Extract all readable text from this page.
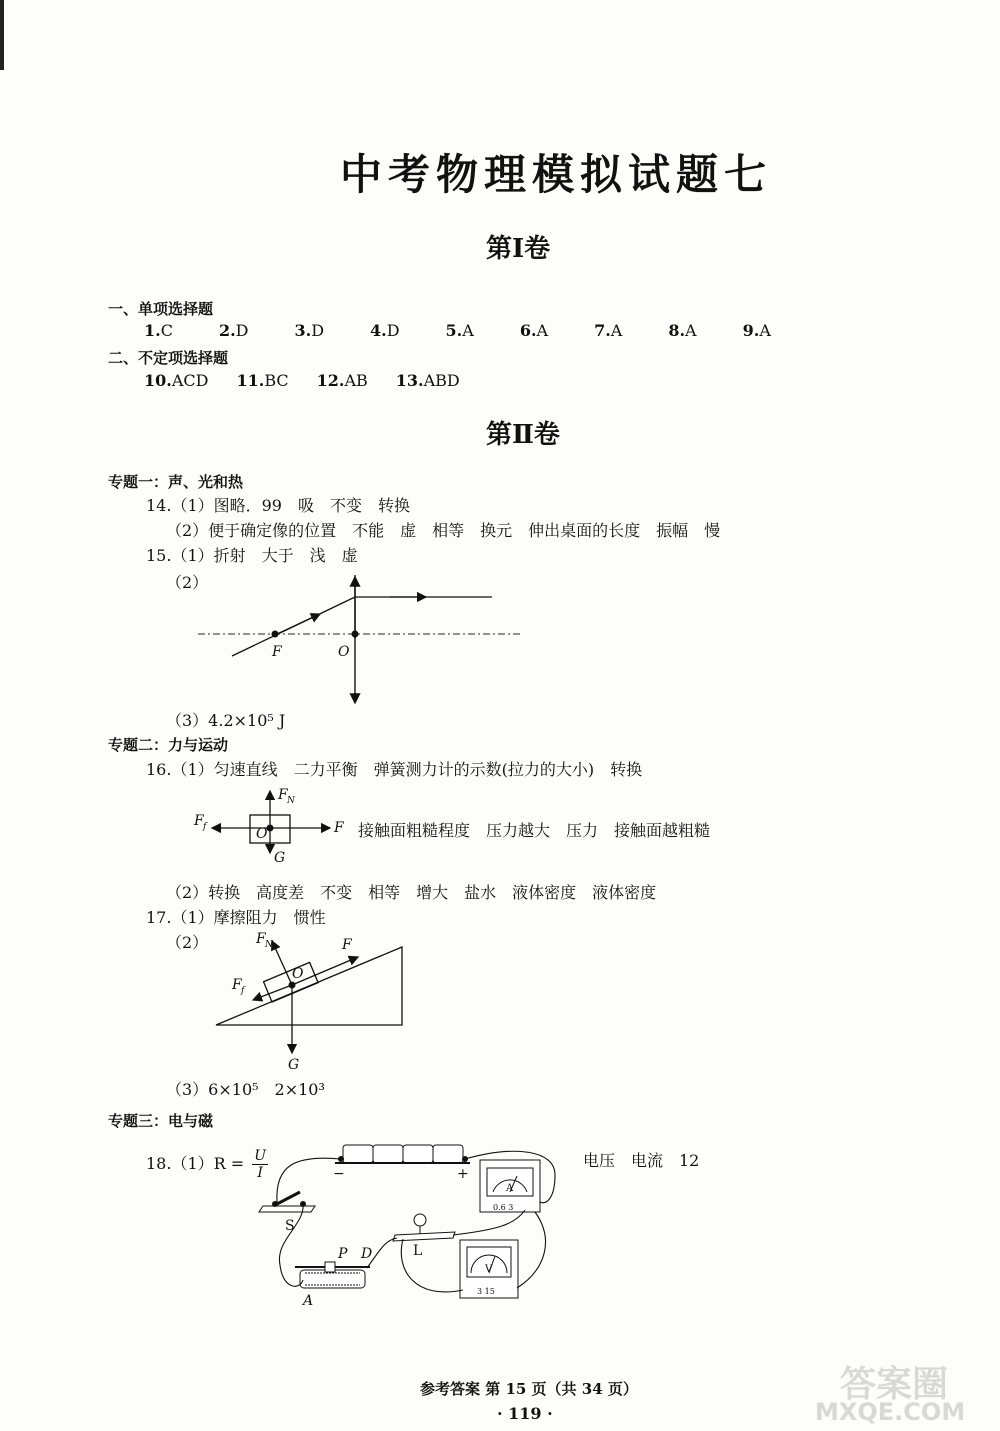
中考物理模拟试题七
第Ⅰ卷
一、单项选择题
1.C	2.D	3.D	4.D	5.A	6.A	7.A	8.A	9.A
二、不定项选择题
10.ACD 11.BC 12.AB 13.ABD
第Ⅱ卷
专题一：声、光和热
14.（1）图略．99　吸　不变　转换
（2）便于确定像的位置　不能　虚　相等　换元　伸出桌面的长度　振幅　慢
15.（1）折射　大于　浅　虚
（2）
F	O
（3）4.2×10⁵ J
专题二：力与运动
16.（1）匀速直线　二力平衡　弹簧测力计的示数(拉力的大小)　转换
F N
F f	F
O
G
接触面粗糙程度　压力越大　压力　接触面越粗糙
（2）转换　高度差　不变　相等　增大　盐水　液体密度　液体密度
17.（1）摩擦阻力　惯性
（2）	F N	F
F f
O
G
（3）6×10⁵　2×10³
专题三：电与磁
$18.(1)R = \frac{U}{I}$	电压　电流　12
−	+
S
A
0.6 3
L
V
3 15
P D
A
参考答案 第 15 页（共 34 页）
· 119 ·
答案圈
MXQE.COM
